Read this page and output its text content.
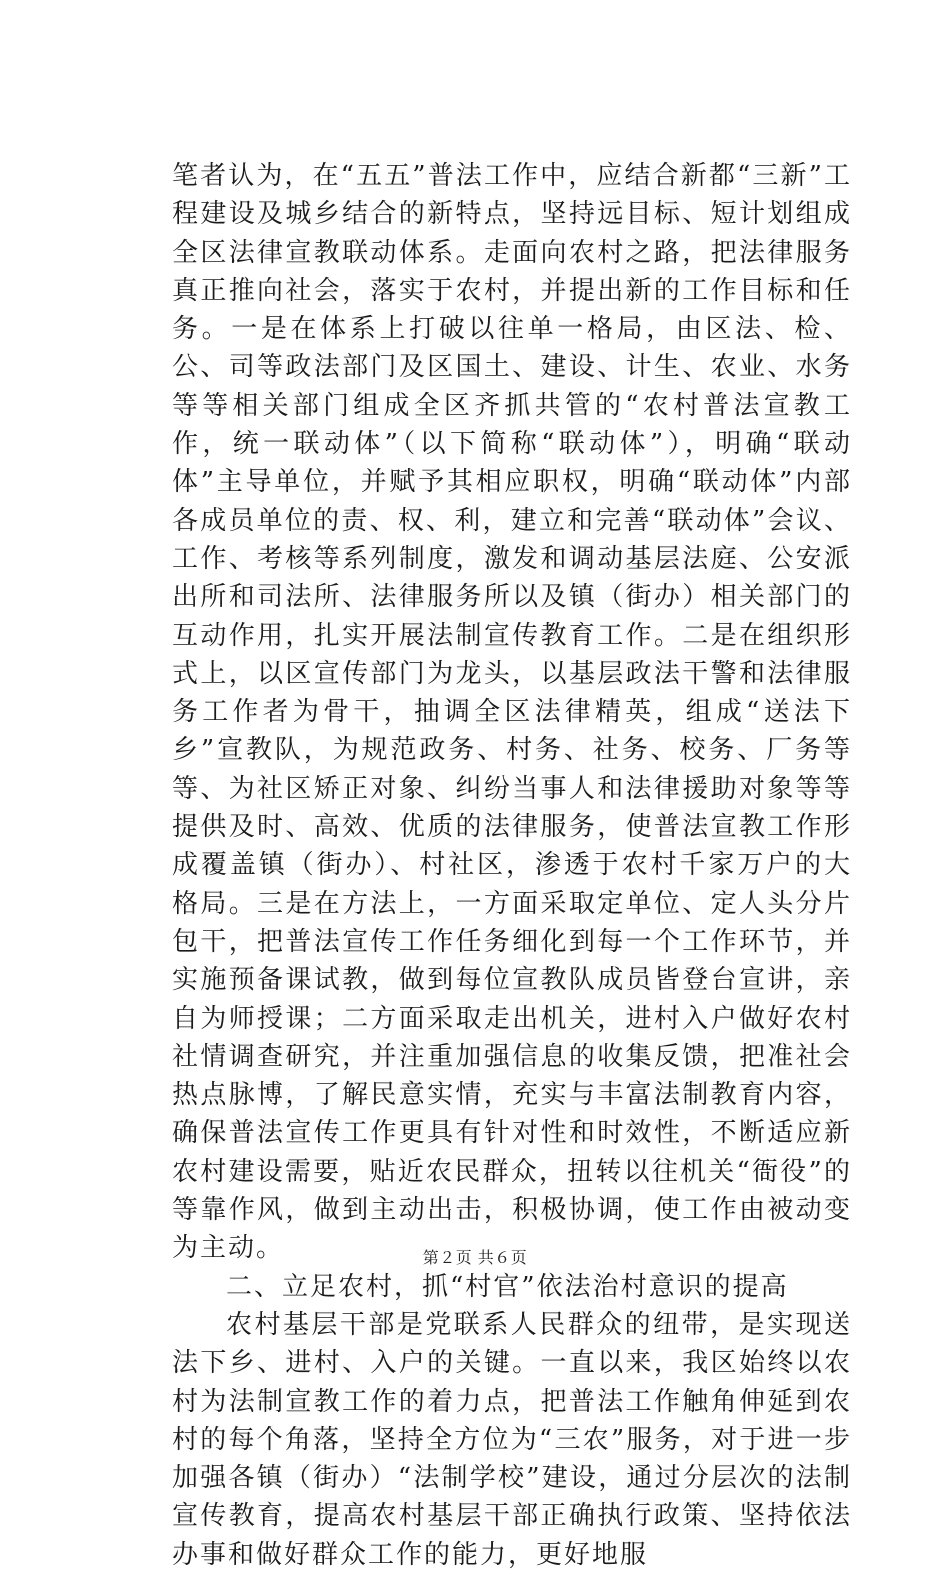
笔者认为，在“五五”普法工作中，应结合新都“三新”工程建设及城乡结合的新特点，坚持远目标、短计划组成全区法律宣教联动体系。走面向农村之路，把法律服务真正推向社会，落实于农村，并提出新的工作目标和任务。一是在体系上打破以往单一格局，由区法、检、公、司等政法部门及区国土、建设、计生、农业、水务等等相关部门组成全区齐抓共管的“农村普法宣教工作，统一联动体”（以下简称“联动体”），明确“联动体”主导单位，并赋予其相应职权，明确“联动体”内部各成员单位的责、权、利，建立和完善“联动体”会议、工作、考核等系列制度，激发和调动基层法庭、公安派出所和司法所、法律服务所以及镇（街办）相关部门的互动作用，扎实开展法制宣传教育工作。二是在组织形式上，以区宣传部门为龙头，以基层政法干警和法律服务工作者为骨干，抽调全区法律精英，组成“送法下乡”宣教队，为规范政务、村务、社务、校务、厂务等等、为社区矫正对象、纠纷当事人和法律援助对象等等提供及时、高效、优质的法律服务，使普法宣教工作形成覆盖镇（街办）、村社区，渗透于农村千家万户的大格局。三是在方法上，一方面采取定单位、定人头分片包干，把普法宣传工作任务细化到每一个工作环节，并实施预备课试教，做到每位宣教队成员皆登台宣讲，亲自为师授课；二方面采取走出机关，进村入户做好农村社情调查研究，并注重加强信息的收集反馈，把准社会热点脉博，了解民意实情，充实与丰富法制教育内容，确保普法宣传工作更具有针对性和时效性，不断适应新农村建设需要，贴近农民群众，扭转以往机关“衙役”的等靠作风，做到主动出击，积极协调，使工作由被动变为主动。

二、立足农村，抓“村官”依法治村意识的提高

农村基层干部是党联系人民群众的纽带，是实现送法下乡、进村、入户的关键。一直以来，我区始终以农村为法制宣教工作的着力点，把普法工作触角伸延到农村的每个角落，坚持全方位为“三农”服务，对于进一步加强各镇（街办）“法制学校”建设，通过分层次的法制宣传教育，提高农村基层干部正确执行政策、坚持依法办事和做好群众工作的能力，更好地服

第２页 共６页
